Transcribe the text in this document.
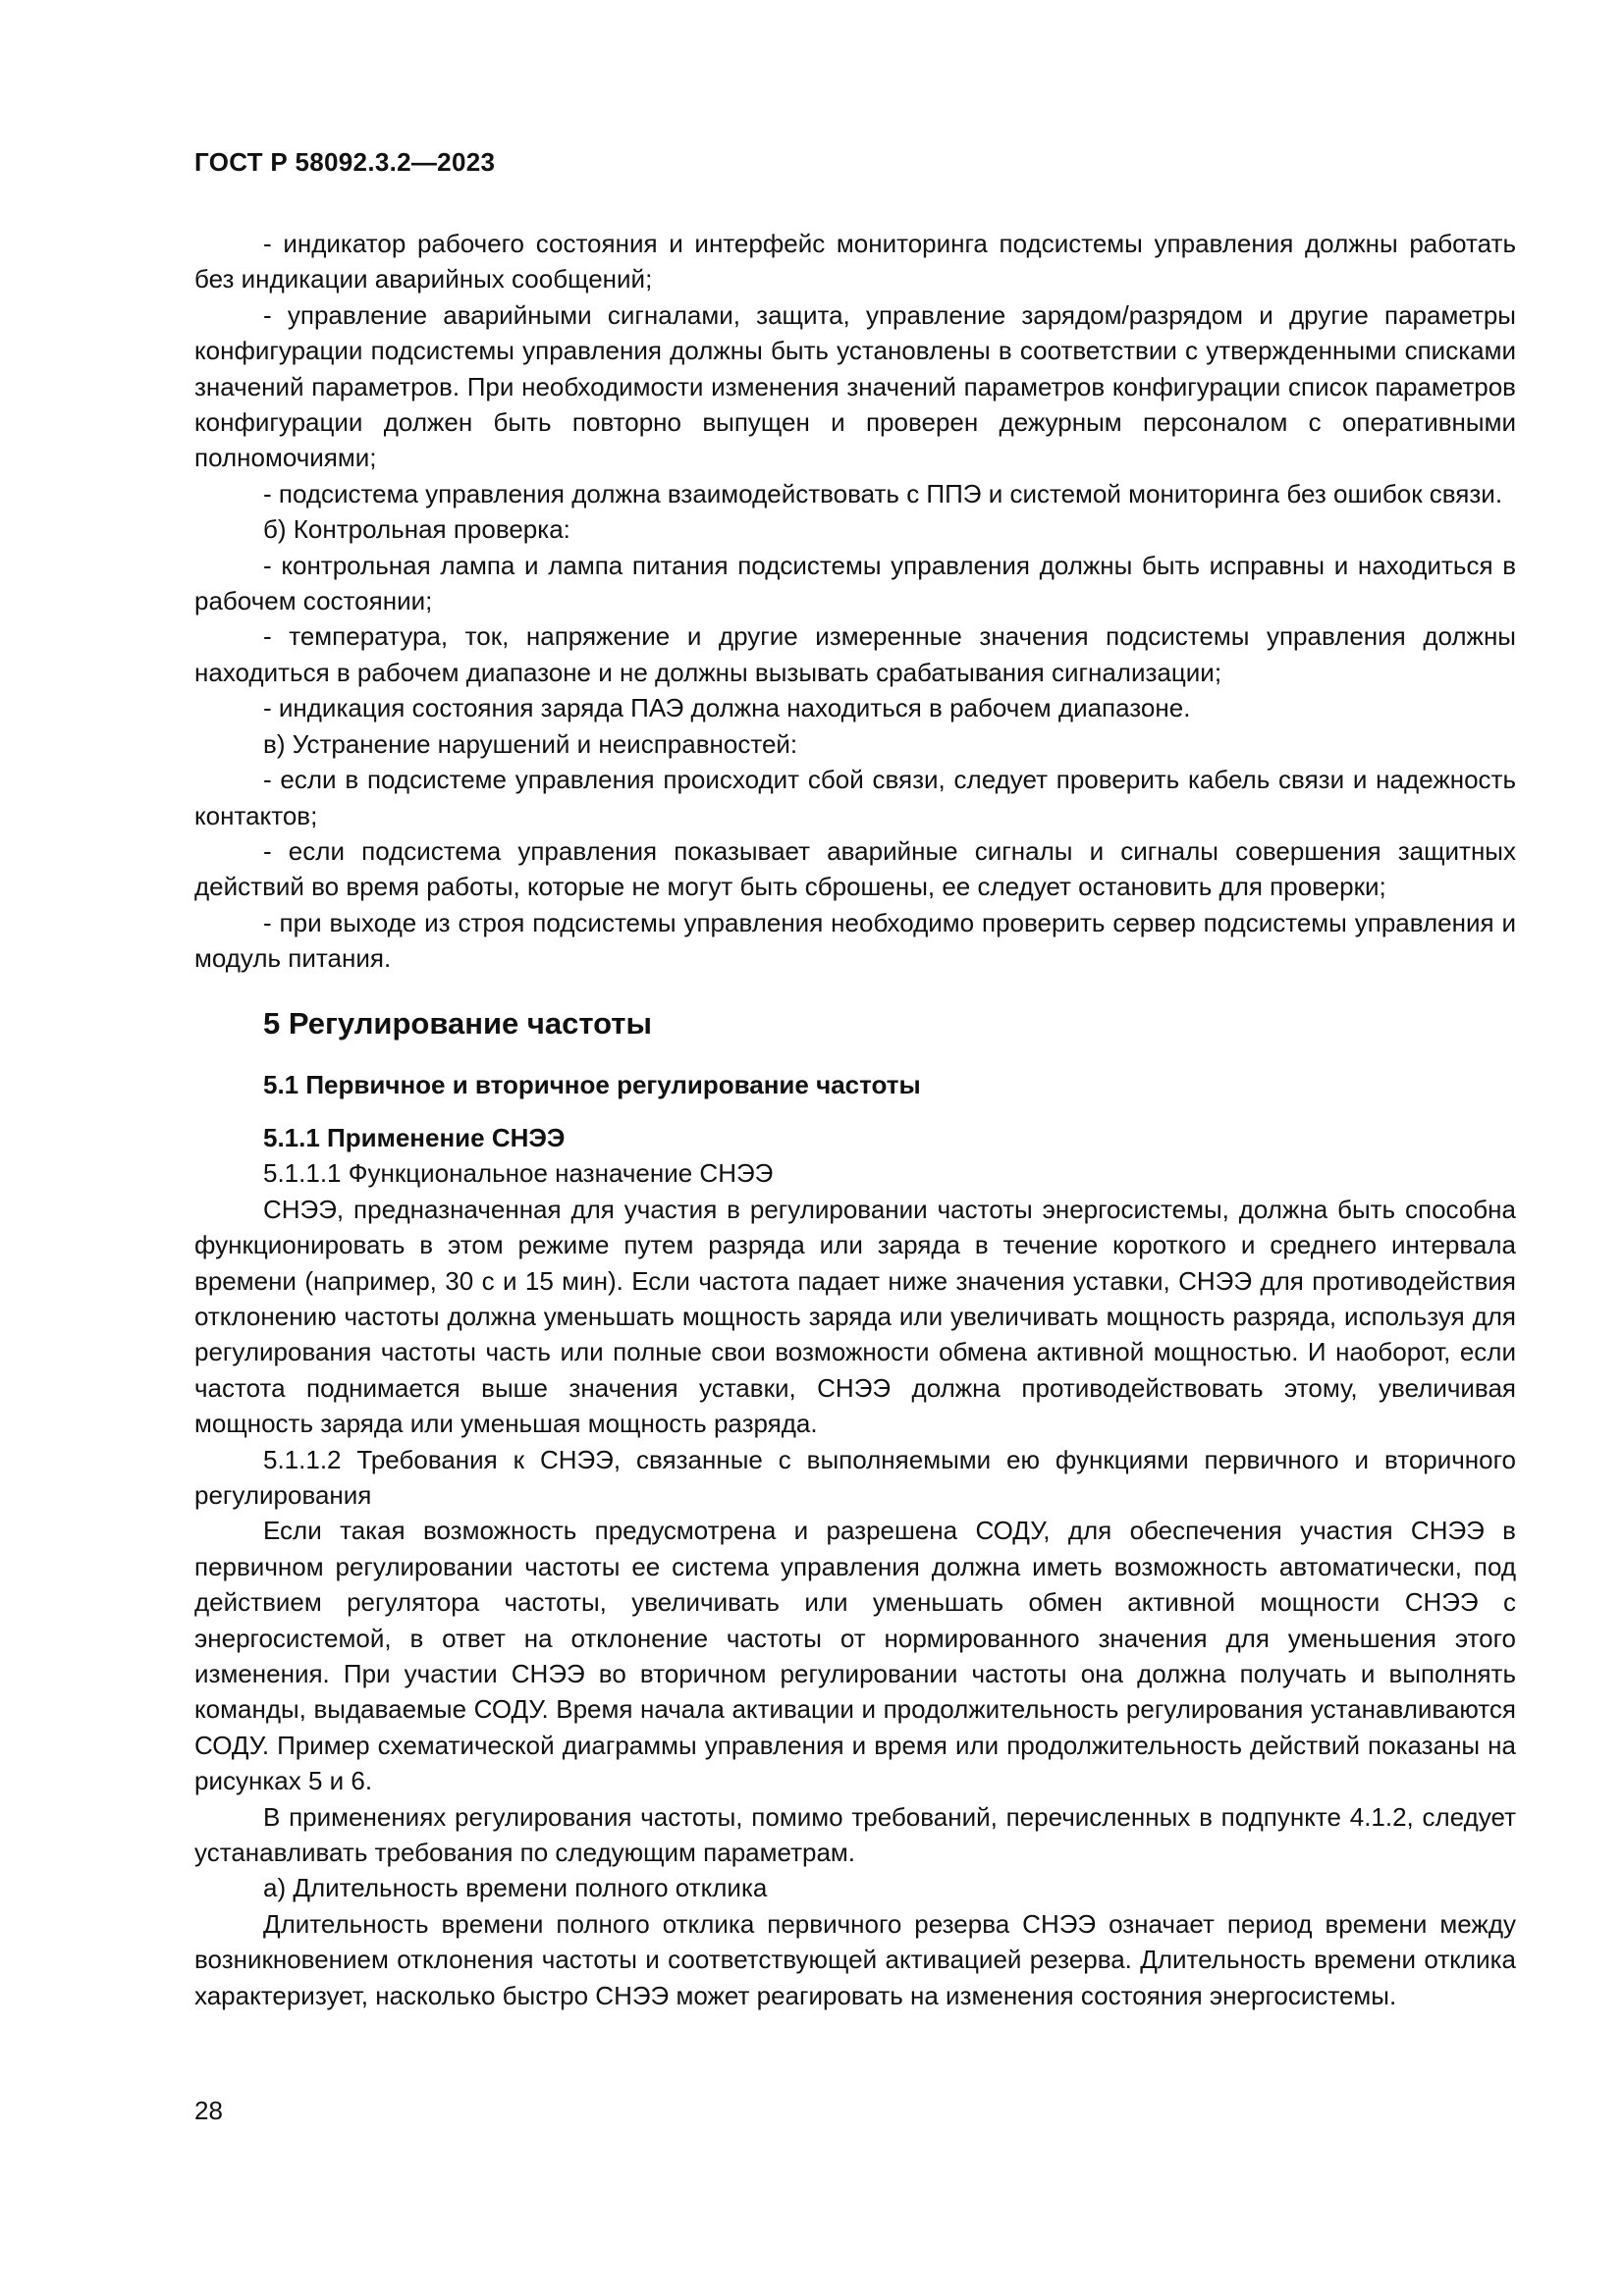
ГОСТ Р 58092.3.2—2023

- индикатор рабочего состояния и интерфейс мониторинга подсистемы управления должны работать без индикации аварийных сообщений;

- управление аварийными сигналами, защита, управление зарядом/разрядом и другие параметры конфигурации подсистемы управления должны быть установлены в соответствии с утвержденными списками значений параметров. При необходимости изменения значений параметров конфигурации список параметров конфигурации должен быть повторно выпущен и проверен дежурным персоналом с оперативными полномочиями;

- подсистема управления должна взаимодействовать с ППЭ и системой мониторинга без ошибок связи.

б) Контрольная проверка:

- контрольная лампа и лампа питания подсистемы управления должны быть исправны и находиться в рабочем состоянии;

- температура, ток, напряжение и другие измеренные значения подсистемы управления должны находиться в рабочем диапазоне и не должны вызывать срабатывания сигнализации;

- индикация состояния заряда ПАЭ должна находиться в рабочем диапазоне.

в) Устранение нарушений и неисправностей:

- если в подсистеме управления происходит сбой связи, следует проверить кабель связи и надежность контактов;

- если подсистема управления показывает аварийные сигналы и сигналы совершения защитных действий во время работы, которые не могут быть сброшены, ее следует остановить для проверки;

- при выходе из строя подсистемы управления необходимо проверить сервер подсистемы управления и модуль питания.

5 Регулирование частоты
5.1 Первичное и вторичное регулирование частоты
5.1.1 Применение СНЭЭ

5.1.1.1 Функциональное назначение СНЭЭ

СНЭЭ, предназначенная для участия в регулировании частоты энергосистемы, должна быть способна функционировать в этом режиме путем разряда или заряда в течение короткого и среднего интервала времени (например, 30 с и 15 мин). Если частота падает ниже значения уставки, СНЭЭ для противодействия отклонению частоты должна уменьшать мощность заряда или увеличивать мощность разряда, используя для регулирования частоты часть или полные свои возможности обмена активной мощностью. И наоборот, если частота поднимается выше значения уставки, СНЭЭ должна противодействовать этому, увеличивая мощность заряда или уменьшая мощность разряда.

5.1.1.2 Требования к СНЭЭ, связанные с выполняемыми ею функциями первичного и вторичного регулирования

Если такая возможность предусмотрена и разрешена СОДУ, для обеспечения участия СНЭЭ в первичном регулировании частоты ее система управления должна иметь возможность автоматически, под действием регулятора частоты, увеличивать или уменьшать обмен активной мощности СНЭЭ с энергосистемой, в ответ на отклонение частоты от нормированного значения для уменьшения этого изменения. При участии СНЭЭ во вторичном регулировании частоты она должна получать и выполнять команды, выдаваемые СОДУ. Время начала активации и продолжительность регулирования устанавливаются СОДУ. Пример схематической диаграммы управления и время или продолжительность действий показаны на рисунках 5 и 6.

В применениях регулирования частоты, помимо требований, перечисленных в подпункте 4.1.2, следует устанавливать требования по следующим параметрам.

а) Длительность времени полного отклика

Длительность времени полного отклика первичного резерва СНЭЭ означает период времени между возникновением отклонения частоты и соответствующей активацией резерва. Длительность времени отклика характеризует, насколько быстро СНЭЭ может реагировать на изменения состояния энергосистемы.

28
